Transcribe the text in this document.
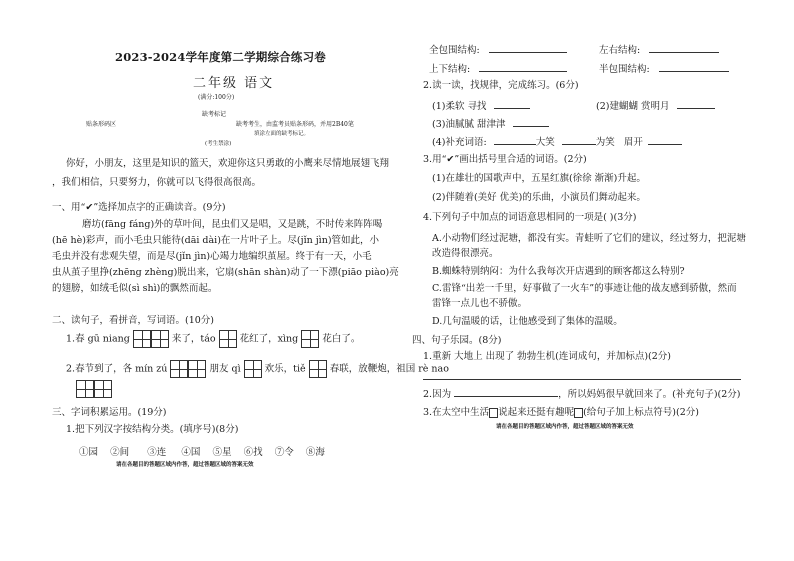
2023-2024学年度第二学期综合练习卷
二年级 语文
(满分:100分)
缺考标记
贴条形码区	缺考考生，由监考员贴条形码，并用2B40笔
填涂左面的缺考标记。
(考生禁涂)
你好，小朋友，这里是知识的篮天，欢迎你这只勇敢的小鹰来尽情地展翅飞翔
，我们相信，只要努力，你就可以飞得很高很高。
一、用“✔”选择加点字的正确读音。(9分)
磨坊(fāng fáng)外的草叶间，昆虫们又是唱，又是跳，不时传来阵阵喝
(hē hè)彩声，而小毛虫只能待(dāi dài)在一片叶子上。尽(jǐn jìn)管如此，小
毛虫并没有悲观失望，而是尽(jǐn jìn)心竭力地编织茧屋。终于有一天，小毛
虫从茧子里挣(zhēng zhèng)脱出来，它扇(shān shàn)动了一下漂(piāo piào)亮
的翅膀，如绒毛似(sì shì)的飘然而起。
二、读句子，看拼音，写词语。(10分)
1.春 gū niang	来了，táo	花红了，xìng	花白了。
2.春节到了，各 mín zú	朋友 qì	欢乐，tiě	春联，放鞭炮，祖国 rè nao
三、字词积累运用。(19分)
1.把下列汉字按结构分类。(填序号)(8分)
①园 ②间 ③连 ④国 ⑤星 ⑥找 ⑦令 ⑧海
请在各题目的答题区域内作答，超过答题区域的答案无效
全包围结构:	左右结构:
上下结构:	半包围结构:
2.读一读，找规律，完成练习。(6分)
(1)柔软 寻找	(2)建蝴蝴 赏明月
(3)油腻腻 甜津津
(4)补充词语:	大笑	为笑 眉开
3.用“✔”画出括号里合适的词语。(2分)
(1)在雄壮的国歌声中，五星红旗(徐徐 渐渐)升起。
(2)伴随着(美好 优美)的乐曲，小演员们舞动起来。
4.下列句子中加点的词语意思相同的一项是( )(3分)
A.小动物们经过泥塘，都没有实。青蛙听了它们的建议，经过努力，把泥塘
改造得很漂亮。
B.蜘蛛特别纳闷：为什么我每次开店遇到的顾客都这么特别?
C.雷锋“出差一千里，好事做了一火车”的事迹让他的战友感到骄傲，然而
雷锋一点儿也不骄傲。
D.几句温暖的话，让他感受到了集体的温暖。
四、句子乐园。(8分)
1.重新 大地上 出现了 勃勃生机(连词成句，并加标点)(2分)
2.因为	，所以妈妈很早就回来了。(补充句子)(2分)
3.在太空中生活 说起来还挺有趣呢 (给句子加上标点符号)(2分)
请在各题目的答题区域内作答，超过答题区域的答案无效
